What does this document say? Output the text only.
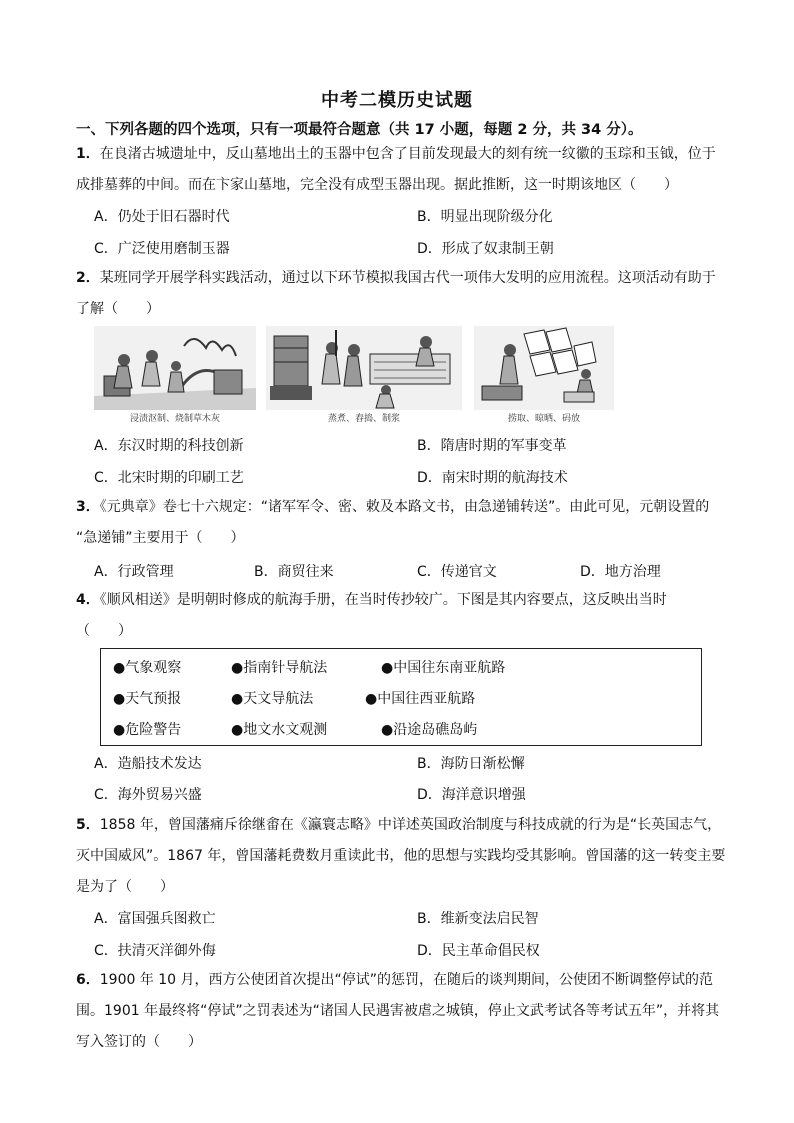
中考二模历史试题
一、下列各题的四个选项，只有一项最符合题意（共 17 小题，每题 2 分，共 34 分）。
1．在良渚古城遗址中，反山墓地出土的玉器中包含了目前发现最大的刻有统一纹徽的玉琮和玉钺，位于
成排墓葬的中间。而在卞家山墓地，完全没有成型玉器出现。据此推断，这一时期该地区（　　）
A．仍处于旧石器时代	B．明显出现阶级分化
C．广泛使用磨制玉器	D．形成了奴隶制王朝
2．某班同学开展学科实践活动，通过以下环节模拟我国古代一项伟大发明的应用流程。这项活动有助于
了解（　　）
浸渍沤制、烧制草木灰	蒸煮、舂捣、制浆	捞取、晾晒、码放
A．东汉时期的科技创新	B．隋唐时期的军事变革
C．北宋时期的印刷工艺	D．南宋时期的航海技术
3．《元典章》卷七十六规定：“诸军军令、密、敕及本路文书，由急递铺转送”。由此可见，元朝设置的
“急递铺”主要用于（　　）
A．行政管理	B．商贸往来	C．传递官文	D．地方治理
4．《顺风相送》是明朝时修成的航海手册，在当时传抄较广。下图是其内容要点，这反映出当时
（　　）
●气象观察	●指南针导航法	●中国往东南亚航路
●天气预报	●天文导航法	●中国往西亚航路
●危险警告	●地文水文观测	●沿途岛礁岛屿
A．造船技术发达	B．海防日渐松懈
C．海外贸易兴盛	D．海洋意识增强
5．1858 年，曾国藩痛斥徐继畬在《瀛寰志略》中详述英国政治制度与科技成就的行为是“长英国志气，
灭中国威风”。1867 年，曾国藩耗费数月重读此书，他的思想与实践均受其影响。曾国藩的这一转变主要
是为了（　　）
A．富国强兵图救亡	B．维新变法启民智
C．扶清灭洋御外侮	D．民主革命倡民权
6．1900 年 10 月，西方公使团首次提出“停试”的惩罚，在随后的谈判期间，公使团不断调整停试的范
围。1901 年最终将“停试”之罚表述为“诸国人民遇害被虐之城镇，停止文武考试各等考试五年”，并将其
写入签订的（　　）
